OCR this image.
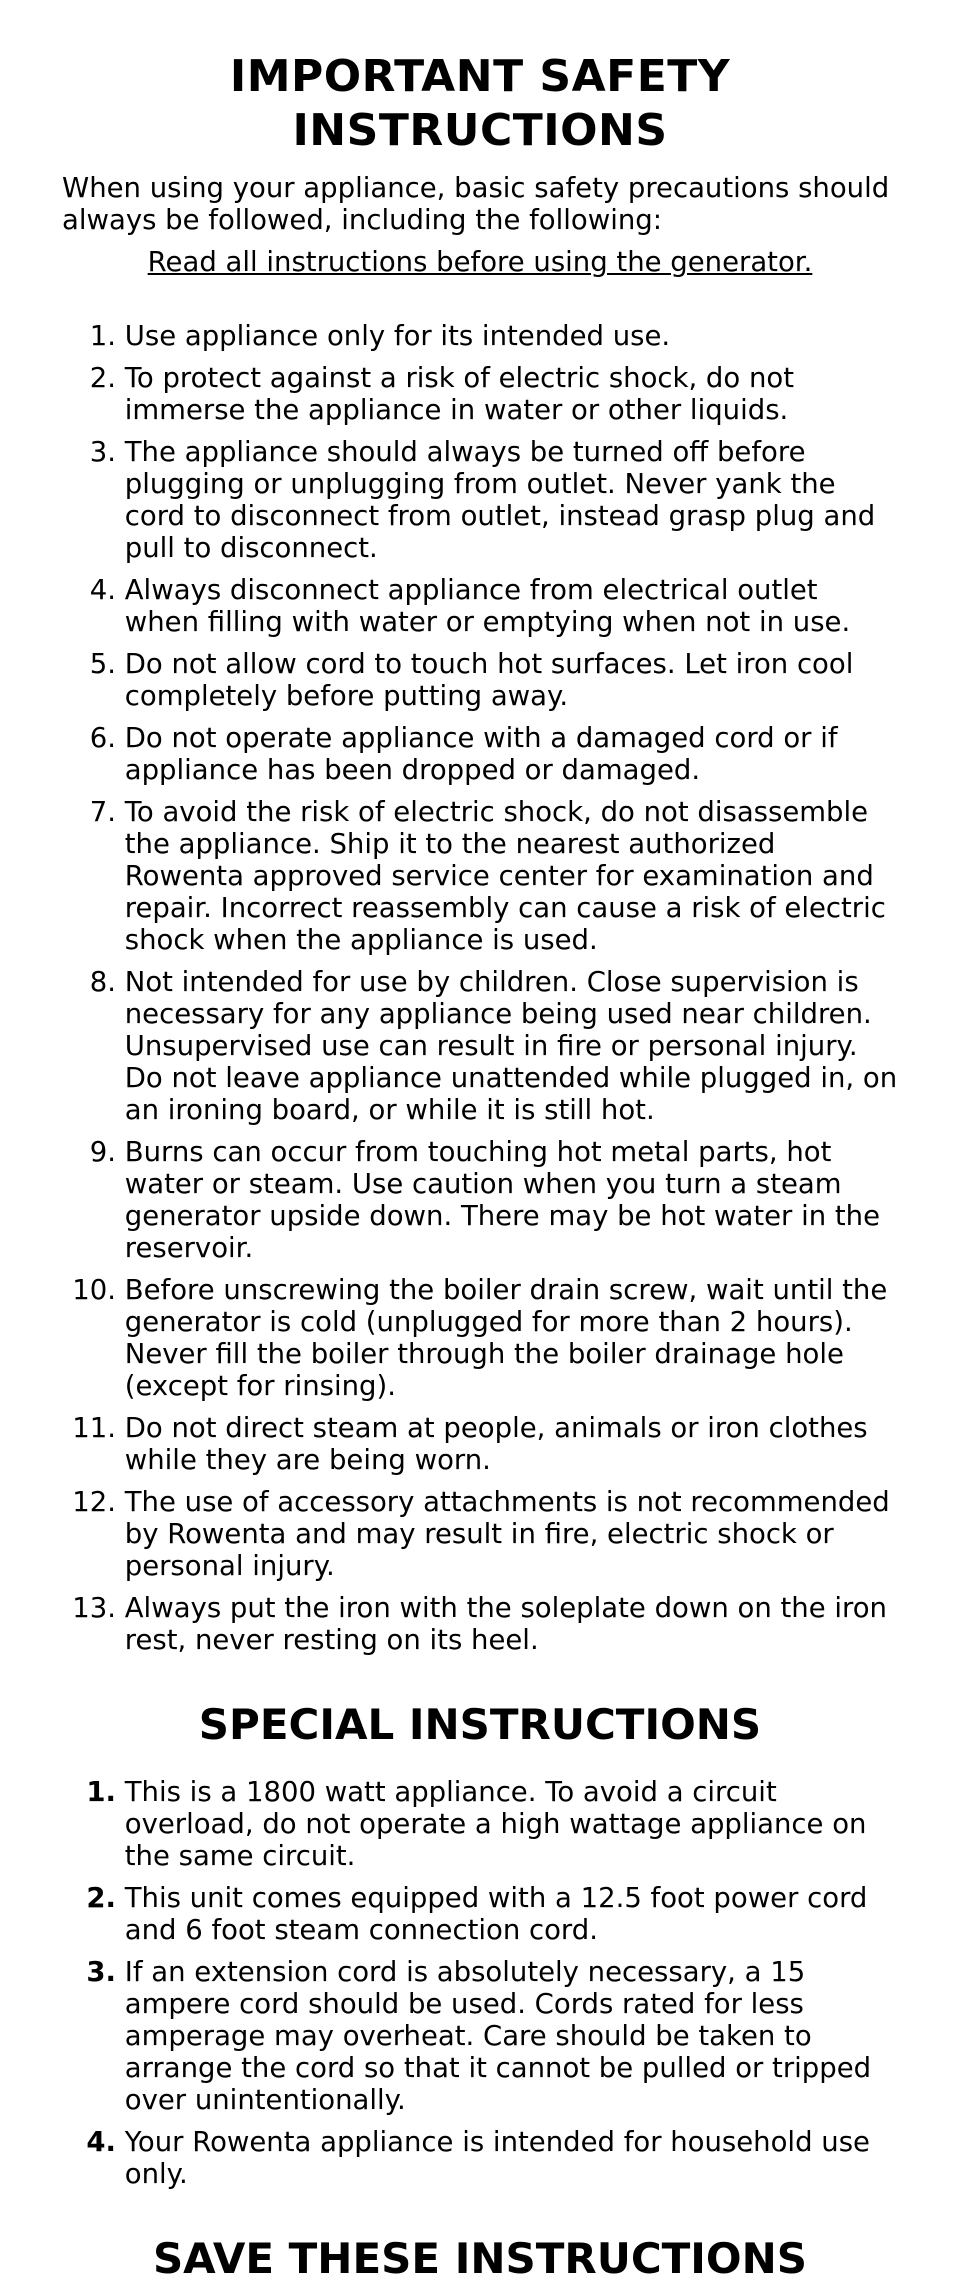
IMPORTANT SAFETY
INSTRUCTIONS

When using your appliance, basic safety precautions should always be followed, including the following:

Read all instructions before using the generator.

1.
Use appliance only for its intended use.
2.
To protect against a risk of electric shock, do not immerse the appliance in water or other liquids.
3.
The appliance should always be turned off before plugging or unplugging from outlet. Never yank the cord to disconnect from outlet, instead grasp plug and pull to disconnect.
4.
Always disconnect appliance from electrical outlet when filling with water or emptying when not in use.
5.
Do not allow cord to touch hot surfaces. Let iron cool completely before putting away.
6.
Do not operate appliance with a damaged cord or if appliance has been dropped or damaged.
7.
To avoid the risk of electric shock, do not disassemble the appliance. Ship it to the nearest authorized Rowenta approved service center for examination and repair. Incorrect reassembly can cause a risk of electric shock when the appliance is used.
8.
Not intended for use by children. Close supervision is necessary for any appliance being used near children. Unsupervised use can result in fire or personal injury. Do not leave appliance unattended while plugged in, on an ironing board, or while it is still hot.
9.
Burns can occur from touching hot metal parts, hot water or steam. Use caution when you turn a steam generator upside down. There may be hot water in the reservoir.
10.
Before unscrewing the boiler drain screw, wait until the generator is cold (unplugged for more than 2 hours). Never fill the boiler through the boiler drainage hole (except for rinsing).
11.
Do not direct steam at people, animals or iron clothes while they are being worn.
12.
The use of accessory attachments is not recommended by Rowenta and may result in fire, electric shock or personal injury.
13.
Always put the iron with the soleplate down on the iron rest, never resting on its heel.
SPECIAL INSTRUCTIONS
1.
This is a 1800 watt appliance. To avoid a circuit overload, do not operate a high wattage appliance on the same circuit.
2.
This unit comes equipped with a 12.5 foot power cord and 6 foot steam connection cord.
3.
If an extension cord is absolutely necessary, a 15 ampere cord should be used. Cords rated for less amperage may overheat. Care should be taken to arrange the cord so that it cannot be pulled or tripped over unintentionally.
4.
Your Rowenta appliance is intended for household use only.
SAVE THESE INSTRUCTIONS
